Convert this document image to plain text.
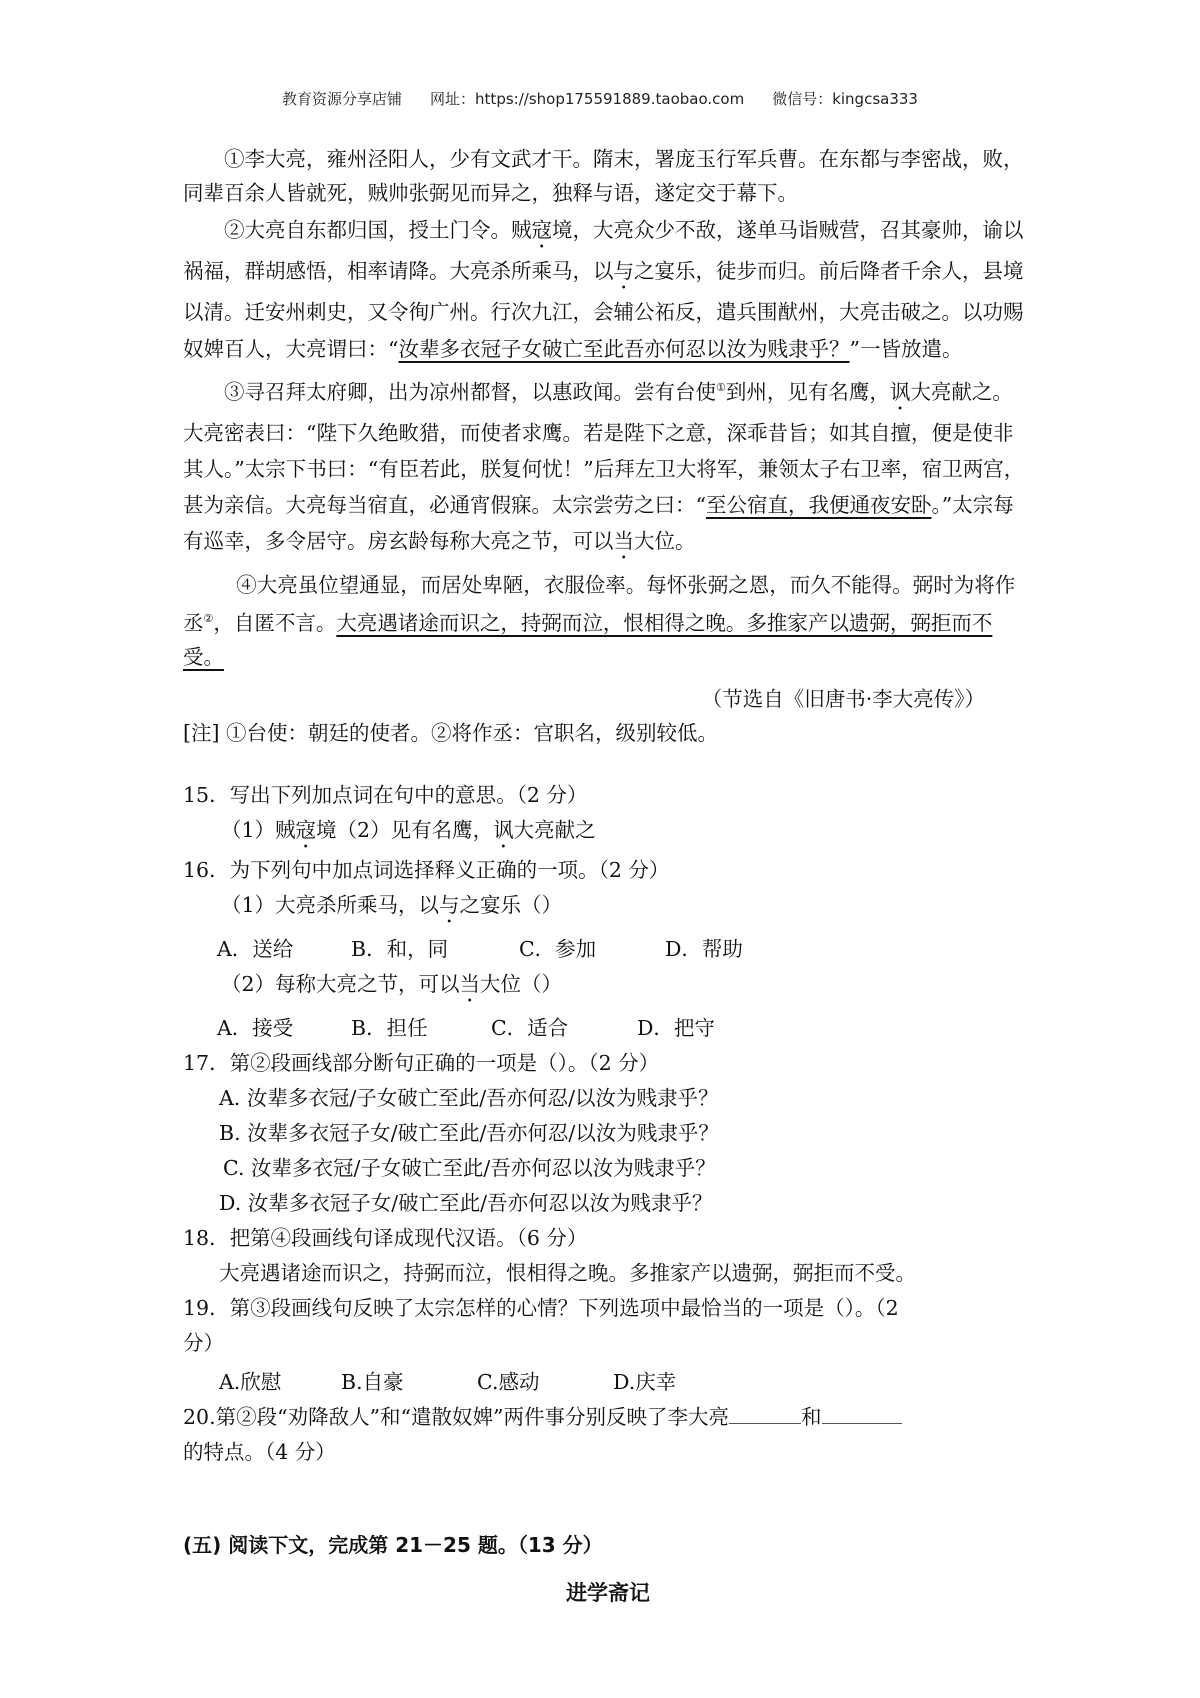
教育资源分享店铺 网址：https://shop175591889.taobao.com 微信号：kingcsa333

①李大亮，雍州泾阳人，少有文武才干。隋末，署庞玉行军兵曹。在东都与李密战，败，同辈百余人皆就死，贼帅张弼见而异之，独释与语，遂定交于幕下。

②大亮自东都归国，授土门令。贼寇境，大亮众少不敌，遂单马诣贼营，召其豪帅，谕以祸福，群胡感悟，相率请降。大亮杀所乘马，以与之宴乐，徒步而归。前后降者千余人，县境以清。迁安州刺史，又令徇广州。行次九江，会辅公祏反，遣兵围猷州，大亮击破之。以功赐奴婢百人，大亮谓曰：“汝辈多衣冠子女破亡至此吾亦何忍以汝为贱隶乎？”一皆放遣。

③寻召拜太府卿，出为凉州都督，以惠政闻。尝有台使①到州，见有名鹰，讽大亮献之。大亮密表曰：“陛下久绝畋猎，而使者求鹰。若是陛下之意，深乖昔旨；如其自擅，便是使非其人。”太宗下书曰：“有臣若此，朕复何忧！”后拜左卫大将军，兼领太子右卫率，宿卫两宫，甚为亲信。大亮每当宿直，必通宵假寐。太宗尝劳之曰：“至公宿直，我便通夜安卧。”太宗每有巡幸，多令居守。房玄龄每称大亮之节，可以当大位。

④大亮虽位望通显，而居处卑陋，衣服俭率。每怀张弼之恩，而久不能得。弼时为将作丞②，自匿不言。大亮遇诸途而识之，持弼而泣，恨相得之晚。多推家产以遗弼，弼拒而不受。

（节选自《旧唐书·李大亮传》）

[注] ①台使：朝廷的使者。②将作丞：官职名，级别较低。

15．写出下列加点词在句中的意思。（2 分）

（1）贼寇境（2）见有名鹰，讽大亮献之

16．为下列句中加点词选择释义正确的一项。（2 分）

（1）大亮杀所乘马，以与之宴乐（）

A．送给	B．和，同	C．参加	D．帮助

（2）每称大亮之节，可以当大位（）

A．接受	B．担任	C．适合	D．把守

17．第②段画线部分断句正确的一项是（）。（2 分）

A. 汝辈多衣冠/子女破亡至此/吾亦何忍/以汝为贱隶乎？

B. 汝辈多衣冠子女/破亡至此/吾亦何忍/以汝为贱隶乎？

C. 汝辈多衣冠/子女破亡至此/吾亦何忍以汝为贱隶乎？

D. 汝辈多衣冠子女/破亡至此/吾亦何忍以汝为贱隶乎？

18．把第④段画线句译成现代汉语。（6 分）

大亮遇诸途而识之，持弼而泣，恨相得之晚。多推家产以遗弼，弼拒而不受。

19．第③段画线句反映了太宗怎样的心情？下列选项中最恰当的一项是（）。（2

分）

A.欣慰	B.自豪	C.感动	D.庆幸

20.第②段“劝降敌人”和“遣散奴婢”两件事分别反映了李大亮	和

的特点。（4 分）

(五) 阅读下文，完成第 21－25 题。（13 分）
进学斋记
